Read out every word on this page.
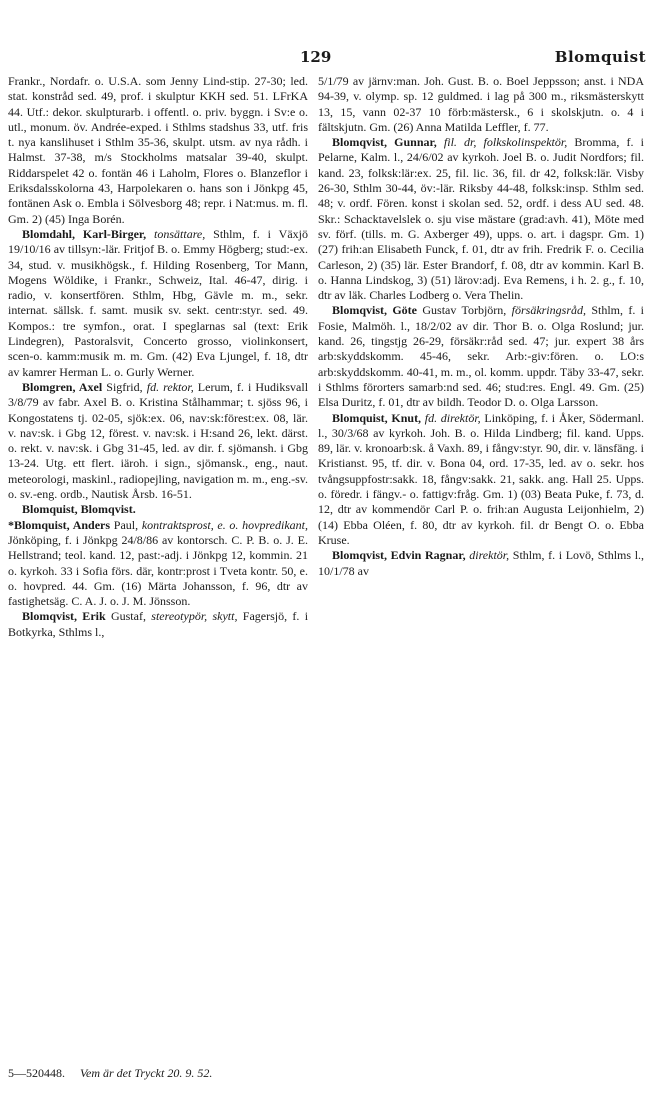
129	Blomquist

Frankr., Nordafr. o. U.S.A. som Jenny Lind-stip. 27-30; led. stat. konstråd sed. 49, prof. i skulptur KKH sed. 51. LFrKA 44. Utf.: dekor. skulpturarb. i offentl. o. priv. byggn. i Sv:e o. utl., monum. öv. Andrée-exped. i Sthlms stadshus 33, utf. fris t. nya kanslihuset i Sthlm 35-36, skulpt. utsm. av nya rådh. i Halmst. 37-38, m/s Stockholms matsalar 39-40, skulpt. Riddarspelet 42 o. fontän 46 i Laholm, Flores o. Blanzeflor i Eriksdalsskolorna 43, Harpolekaren o. hans son i Jönkpg 45, fontänen Ask o. Embla i Sölvesborg 48; repr. i Nat:mus. m. fl. Gm. 2) (45) Inga Borén.

Blomdahl, Karl-Birger, tonsättare, Sthlm, f. i Växjö 19/10/16 av tillsyn:-lär. Fritjof B. o. Emmy Högberg; stud:-ex. 34, stud. v. musikhögsk., f. Hilding Rosenberg, Tor Mann, Mogens Wöldike, i Frankr., Schweiz, Ital. 46-47, dirig. i radio, v. konsertfören. Sthlm, Hbg, Gävle m. m., sekr. internat. sällsk. f. samt. musik sv. sekt. centr:styr. sed. 49. Kompos.: tre symfon., orat. I speglarnas sal (text: Erik Lindegren), Pastoralsvit, Concerto grosso, violinkonsert, scen-o. kamm:musik m. m. Gm. (42) Eva Ljungel, f. 18, dtr av kamrer Herman L. o. Gurly Werner.

Blomgren, Axel Sigfrid, fd. rektor, Lerum, f. i Hudiksvall 3/8/79 av fabr. Axel B. o. Kristina Stålhammar; t. sjöss 96, i Kongostatens tj. 02-05, sjök:ex. 06, nav:sk:förest:ex. 08, lär. v. nav:sk. i Gbg 12, förest. v. nav:sk. i H:sand 26, lekt. därst. o. rekt. v. nav:sk. i Gbg 31-45, led. av dir. f. sjömansh. i Gbg 13-24. Utg. ett flert. iäroh. i sign., sjömansk., eng., naut. meteorologi, maskinl., radiopejling, navigation m. m., eng.-sv. o. sv.-eng. ordb., Nautisk Årsb. 16-51.

Blomquist, Blomqvist.

*Blomquist, Anders Paul, kontraktsprost, e. o. hovpredikant, Jönköping, f. i Jönkpg 24/8/86 av kontorsch. C. P. B. o. J. E. Hellstrand; teol. kand. 12, past:-adj. i Jönkpg 12, kommin. 21 o. kyrkoh. 33 i Sofia förs. där, kontr:prost i Tveta kontr. 50, e. o. hovpred. 44. Gm. (16) Märta Johansson, f. 96, dtr av fastighetsäg. C. A. J. o. J. M. Jönsson.

Blomqvist, Erik Gustaf, stereotypör, skytt, Fagersjö, f. i Botkyrka, Sthlms l.,

5/1/79 av järnv:man. Joh. Gust. B. o. Boel Jeppsson; anst. i NDA 94-39, v. olymp. sp. 12 guldmed. i lag på 300 m., riksmästerskytt 13, 15, vann 02-37 10 förb:mästersk., 6 i skolskjutn. o. 4 i fältskjutn. Gm. (26) Anna Matilda Leffler, f. 77.

Blomqvist, Gunnar, fil. dr, folkskolinspektör, Bromma, f. i Pelarne, Kalm. l., 24/6/02 av kyrkoh. Joel B. o. Judit Nordfors; fil. kand. 23, folksk:lär:ex. 25, fil. lic. 36, fil. dr 42, folksk:lär. Visby 26-30, Sthlm 30-44, öv:-lär. Riksby 44-48, folksk:insp. Sthlm sed. 48; v. ordf. Fören. konst i skolan sed. 52, ordf. i dess AU sed. 48. Skr.: Schacktavelslek o. sju vise mästare (grad:avh. 41), Möte med sv. förf. (tills. m. G. Axberger 49), upps. o. art. i dagspr. Gm. 1) (27) frih:an Elisabeth Funck, f. 01, dtr av frih. Fredrik F. o. Cecilia Carleson, 2) (35) lär. Ester Brandorf, f. 08, dtr av kommin. Karl B. o. Hanna Lindskog, 3) (51) lärov:adj. Eva Remens, i h. 2. g., f. 10, dtr av läk. Charles Lodberg o. Vera Thelin.

Blomqvist, Göte Gustav Torbjörn, försäkringsråd, Sthlm, f. i Fosie, Malmöh. l., 18/2/02 av dir. Thor B. o. Olga Roslund; jur. kand. 26, tingstjg 26-29, försäkr:råd sed. 47; jur. expert 38 års arb:skyddskomm. 45-46, sekr. Arb:-giv:fören. o. LO:s arb:skyddskomm. 40-41, m. m., ol. komm. uppdr. Täby 33-47, sekr. i Sthlms förorters samarb:nd sed. 46; stud:res. Engl. 49. Gm. (25) Elsa Duritz, f. 01, dtr av bildh. Teodor D. o. Olga Larsson.

Blomquist, Knut, fd. direktör, Linköping, f. i Åker, Södermanl. l., 30/3/68 av kyrkoh. Joh. B. o. Hilda Lindberg; fil. kand. Upps. 89, lär. v. kronoarb:sk. å Vaxh. 89, i fångv:styr. 90, dir. v. länsfäng. i Kristianst. 95, tf. dir. v. Bona 04, ord. 17-35, led. av o. sekr. hos tvångsuppfostr:sakk. 18, fångv:sakk. 21, sakk. ang. Hall 25. Upps. o. föredr. i fängv.- o. fattigv:fråg. Gm. 1) (03) Beata Puke, f. 73, d. 12, dtr av kommendör Carl P. o. frih:an Augusta Leijonhielm, 2) (14) Ebba Oléen, f. 80, dtr av kyrkoh. fil. dr Bengt O. o. Ebba Kruse.

Blomqvist, Edvin Ragnar, direktör, Sthlm, f. i Lovö, Sthlms l., 10/1/78 av

5—520448. Vem är det Tryckt 20. 9. 52.
